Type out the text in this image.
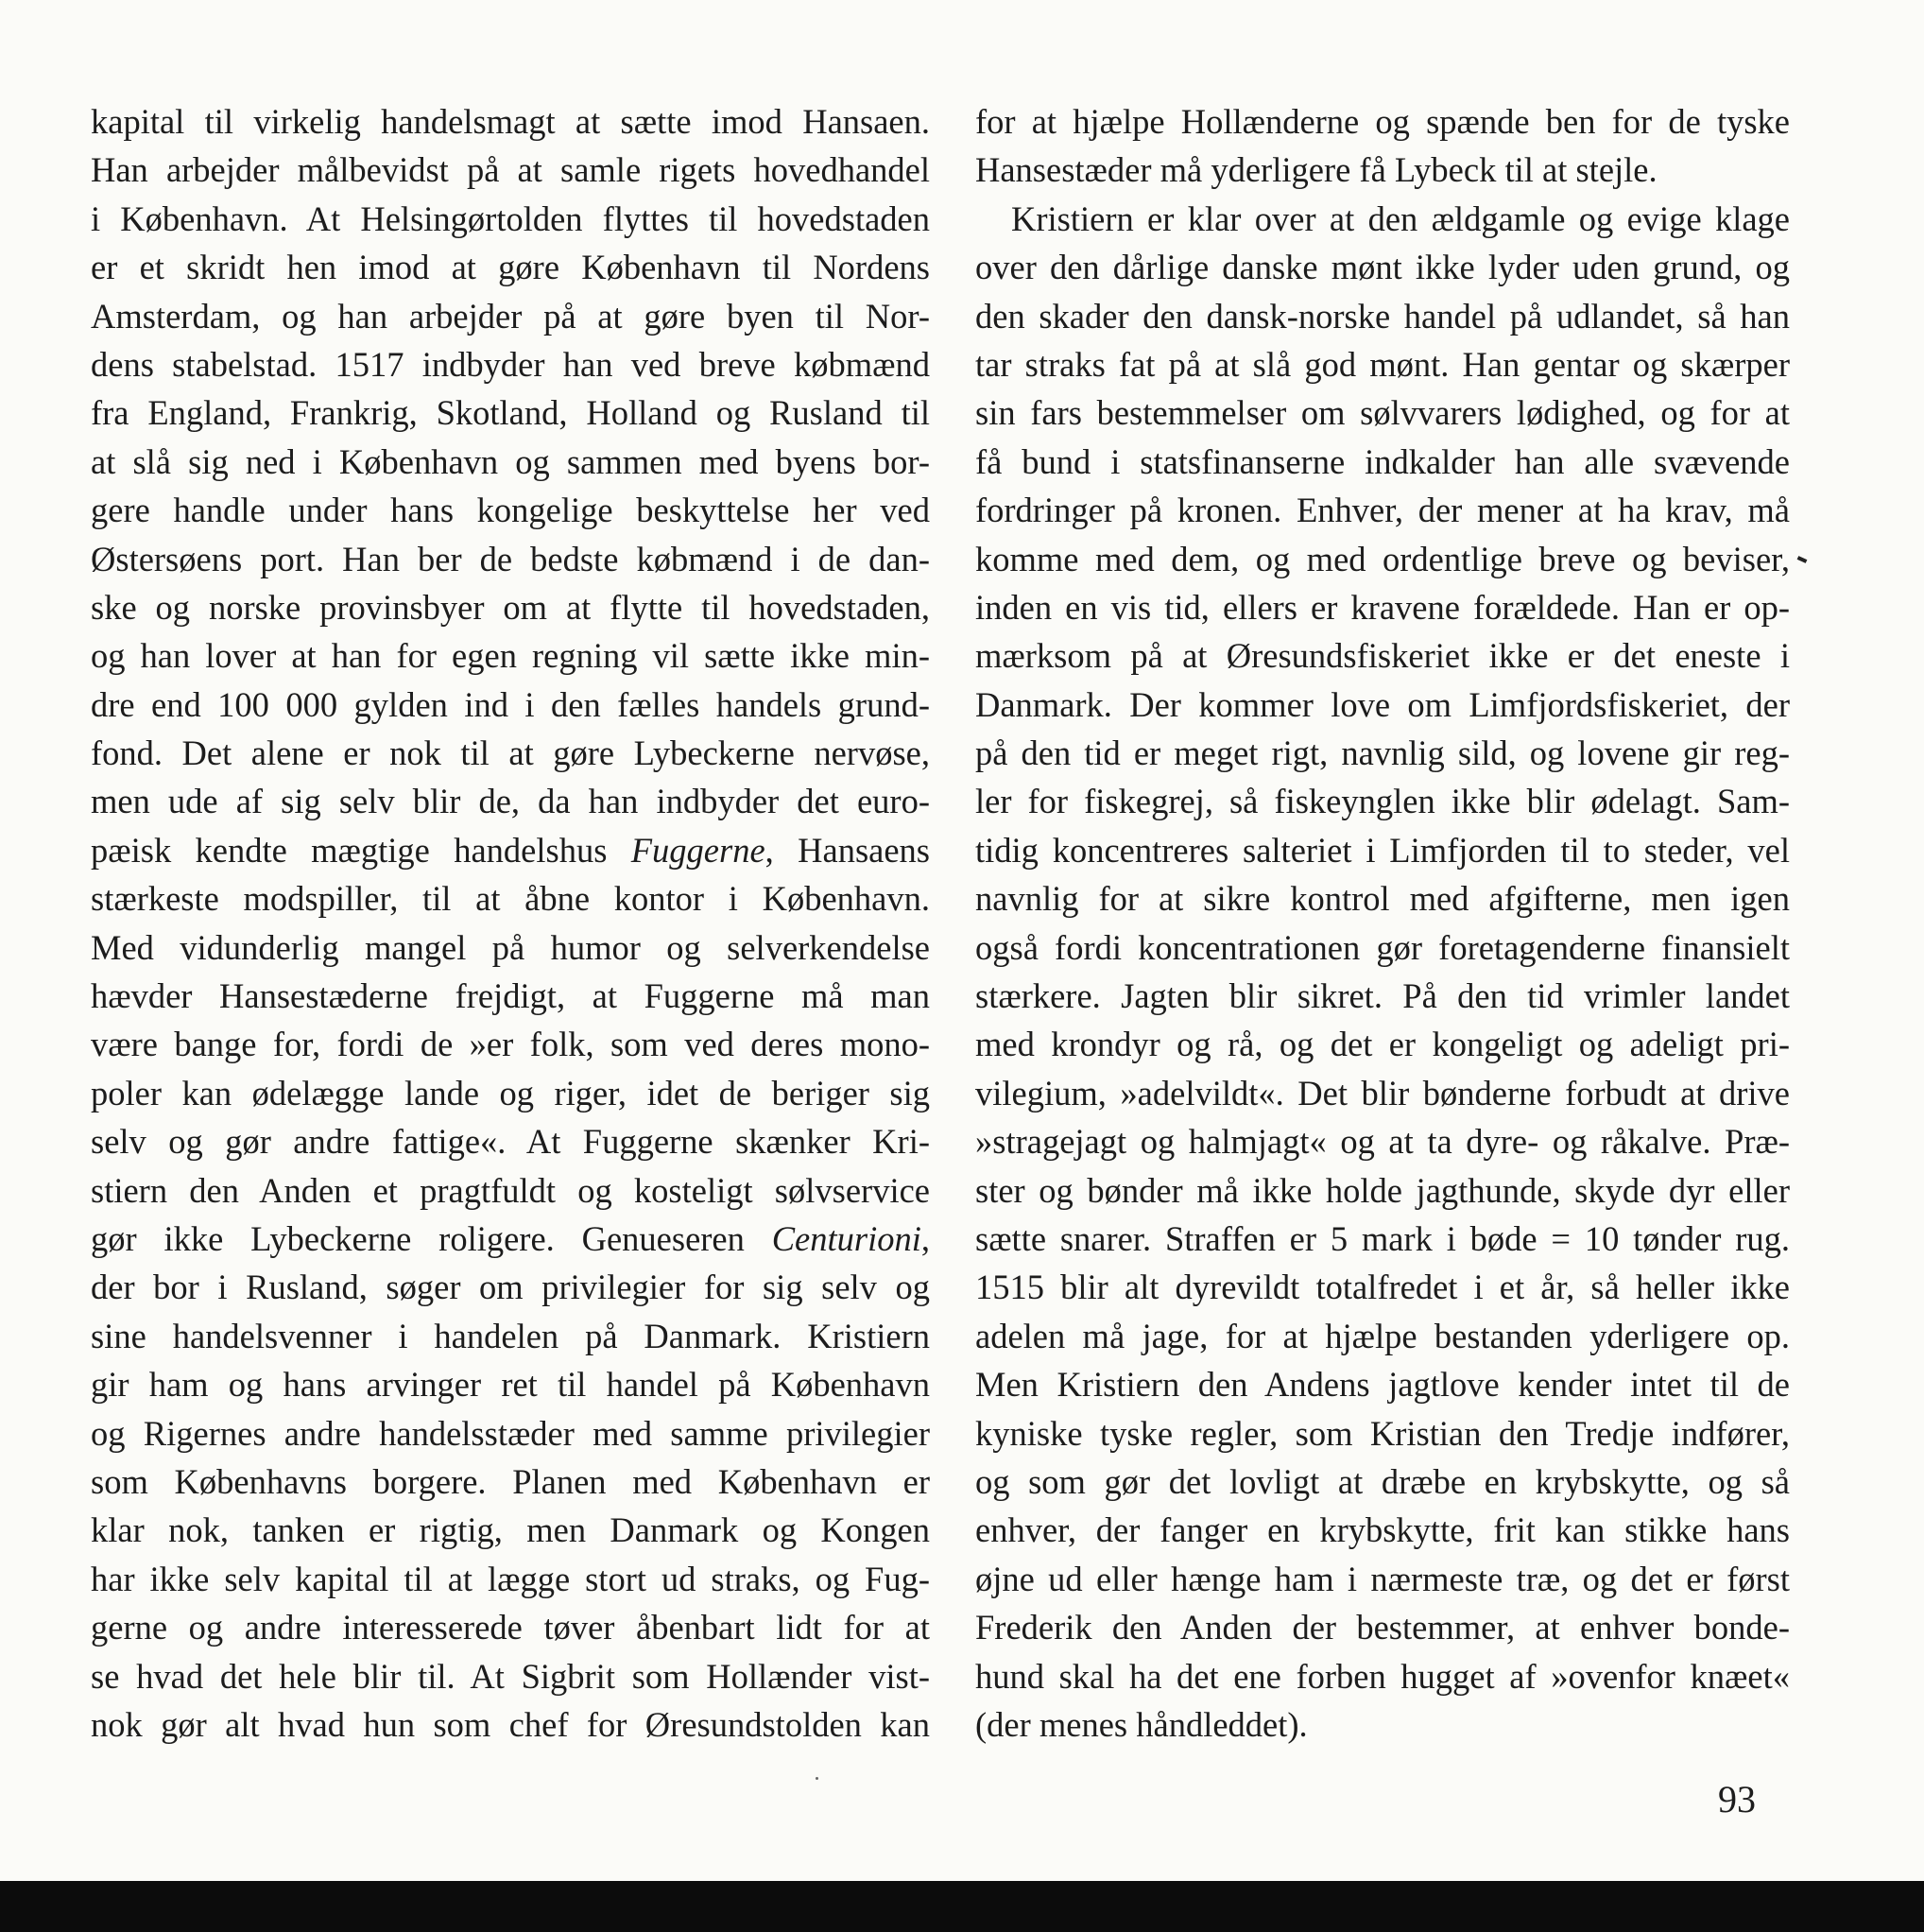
kapital til virkelig handelsmagt at sætte imod Hansaen.
Han arbejder målbevidst på at samle rigets hovedhandel
i København. At Helsingørtolden flyttes til hovedstaden
er et skridt hen imod at gøre København til Nordens
Amsterdam, og han arbejder på at gøre byen til Nor-
dens stabelstad. 1517 indbyder han ved breve købmænd
fra England, Frankrig, Skotland, Holland og Rusland til
at slå sig ned i København og sammen med byens bor-
gere handle under hans kongelige beskyttelse her ved
Østersøens port. Han ber de bedste købmænd i de dan-
ske og norske provinsbyer om at flytte til hovedstaden,
og han lover at han for egen regning vil sætte ikke min-
dre end 100 000 gylden ind i den fælles handels grund-
fond. Det alene er nok til at gøre Lybeckerne nervøse,
men ude af sig selv blir de, da han indbyder det euro-
pæisk kendte mægtige handelshus Fuggerne, Hansaens
stærkeste modspiller, til at åbne kontor i København.
Med vidunderlig mangel på humor og selverkendelse
hævder Hansestæderne frejdigt, at Fuggerne må man
være bange for, fordi de »er folk, som ved deres mono-
poler kan ødelægge lande og riger, idet de beriger sig
selv og gør andre fattige«. At Fuggerne skænker Kri-
stiern den Anden et pragtfuldt og kosteligt sølvservice
gør ikke Lybeckerne roligere. Genueseren Centurioni,
der bor i Rusland, søger om privilegier for sig selv og
sine handelsvenner i handelen på Danmark. Kristiern
gir ham og hans arvinger ret til handel på København
og Rigernes andre handelsstæder med samme privilegier
som Københavns borgere. Planen med København er
klar nok, tanken er rigtig, men Danmark og Kongen
har ikke selv kapital til at lægge stort ud straks, og Fug-
gerne og andre interesserede tøver åbenbart lidt for at
se hvad det hele blir til. At Sigbrit som Hollænder vist-
nok gør alt hvad hun som chef for Øresundstolden kan
for at hjælpe Hollænderne og spænde ben for de tyske
Hansestæder må yderligere få Lybeck til at stejle.
Kristiern er klar over at den ældgamle og evige klage
over den dårlige danske mønt ikke lyder uden grund, og
den skader den dansk-norske handel på udlandet, så han
tar straks fat på at slå god mønt. Han gentar og skærper
sin fars bestemmelser om sølvvarers lødighed, og for at
få bund i statsfinanserne indkalder han alle svævende
fordringer på kronen. Enhver, der mener at ha krav, må
komme med dem, og med ordentlige breve og beviser,
inden en vis tid, ellers er kravene forældede. Han er op-
mærksom på at Øresundsfiskeriet ikke er det eneste i
Danmark. Der kommer love om Limfjordsfiskeriet, der
på den tid er meget rigt, navnlig sild, og lovene gir reg-
ler for fiskegrej, så fiskeynglen ikke blir ødelagt. Sam-
tidig koncentreres salteriet i Limfjorden til to steder, vel
navnlig for at sikre kontrol med afgifterne, men igen
også fordi koncentrationen gør foretagenderne finansielt
stærkere. Jagten blir sikret. På den tid vrimler landet
med krondyr og rå, og det er kongeligt og adeligt pri-
vilegium, »adelvildt«. Det blir bønderne forbudt at drive
»stragejagt og halmjagt« og at ta dyre- og råkalve. Præ-
ster og bønder må ikke holde jagthunde, skyde dyr eller
sætte snarer. Straffen er 5 mark i bøde = 10 tønder rug.
1515 blir alt dyrevildt totalfredet i et år, så heller ikke
adelen må jage, for at hjælpe bestanden yderligere op.
Men Kristiern den Andens jagtlove kender intet til de
kyniske tyske regler, som Kristian den Tredje indfører,
og som gør det lovligt at dræbe en krybskytte, og så
enhver, der fanger en krybskytte, frit kan stikke hans
øjne ud eller hænge ham i nærmeste træ, og det er først
Frederik den Anden der bestemmer, at enhver bonde-
hund skal ha det ene forben hugget af »ovenfor knæet«
(der menes håndleddet).
93
